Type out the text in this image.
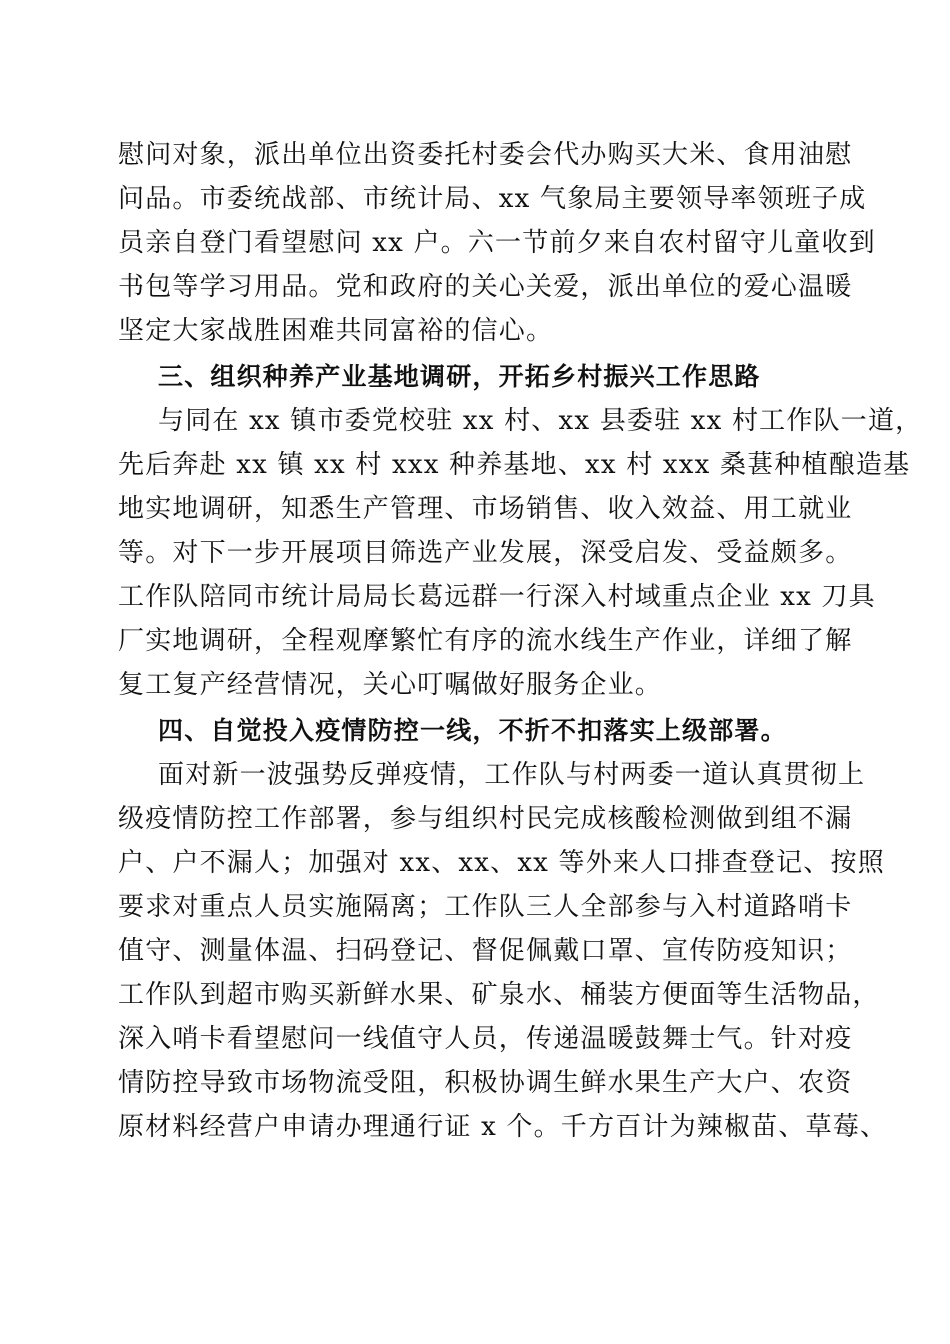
慰问对象，派出单位出资委托村委会代办购买大米、食用油慰
问品。市委统战部、市统计局、xx 气象局主要领导率领班子成
员亲自登门看望慰问 xx 户。六一节前夕来自农村留守儿童收到
书包等学习用品。党和政府的关心关爱，派出单位的爱心温暖
坚定大家战胜困难共同富裕的信心。
三、组织种养产业基地调研，开拓乡村振兴工作思路
与同在 xx 镇市委党校驻 xx 村、xx 县委驻 xx 村工作队一道，
先后奔赴 xx 镇 xx 村 xxx 种养基地、xx 村 xxx 桑葚种植酿造基
地实地调研，知悉生产管理、市场销售、收入效益、用工就业
等。对下一步开展项目筛选产业发展，深受启发、受益颇多。
工作队陪同市统计局局长葛远群一行深入村域重点企业 xx 刀具
厂实地调研，全程观摩繁忙有序的流水线生产作业，详细了解
复工复产经营情况，关心叮嘱做好服务企业。
四、自觉投入疫情防控一线，不折不扣落实上级部署。
面对新一波强势反弹疫情，工作队与村两委一道认真贯彻上
级疫情防控工作部署，参与组织村民完成核酸检测做到组不漏
户、户不漏人；加强对 xx、xx、xx 等外来人口排查登记、按照
要求对重点人员实施隔离；工作队三人全部参与入村道路哨卡
值守、测量体温、扫码登记、督促佩戴口罩、宣传防疫知识；
工作队到超市购买新鲜水果、矿泉水、桶装方便面等生活物品，
深入哨卡看望慰问一线值守人员，传递温暖鼓舞士气。针对疫
情防控导致市场物流受阻，积极协调生鲜水果生产大户、农资
原材料经营户申请办理通行证 x 个。千方百计为辣椒苗、草莓、
